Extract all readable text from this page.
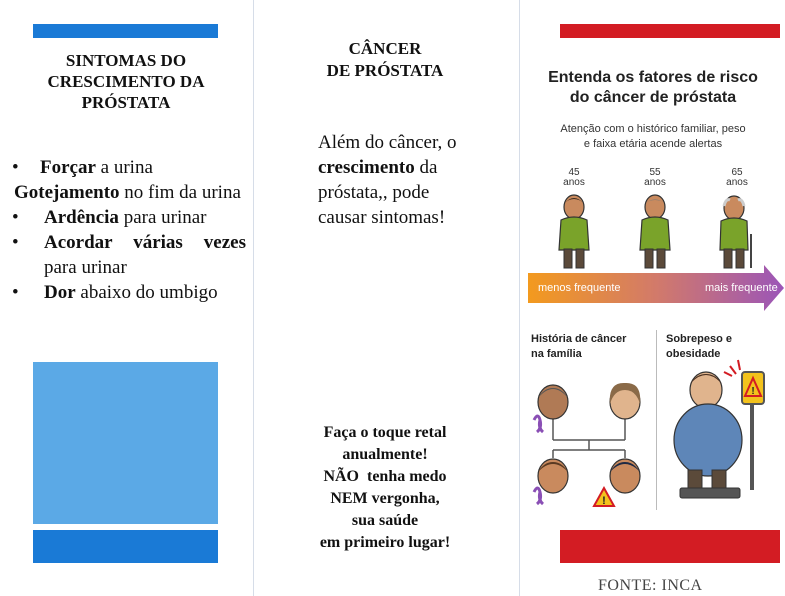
SINTOMAS DO
CRESCIMENTO DA
PRÓSTATA
• Forçar a urina
Gotejamento no fim da urina
• Ardência para urinar
•	Acordar várias vezes para urinar
• Dor abaixo do umbigo
CÂNCER
DE PRÓSTATA
Além do câncer, o crescimento da próstata,, pode causar sintomas!
Faça o toque retal
anualmente!
NÃO  tenha medo
NEM vergonha,
sua saúde
em primeiro lugar!
Entenda os fatores de risco
do câncer de próstata
Atenção com o histórico familiar, peso
e faixa etária acende alertas
45
anos
55
anos
65
anos
menos frequente	mais frequente
História de câncer
na família
Sobrepeso e obesidade
!
!
FONTE: INCA
